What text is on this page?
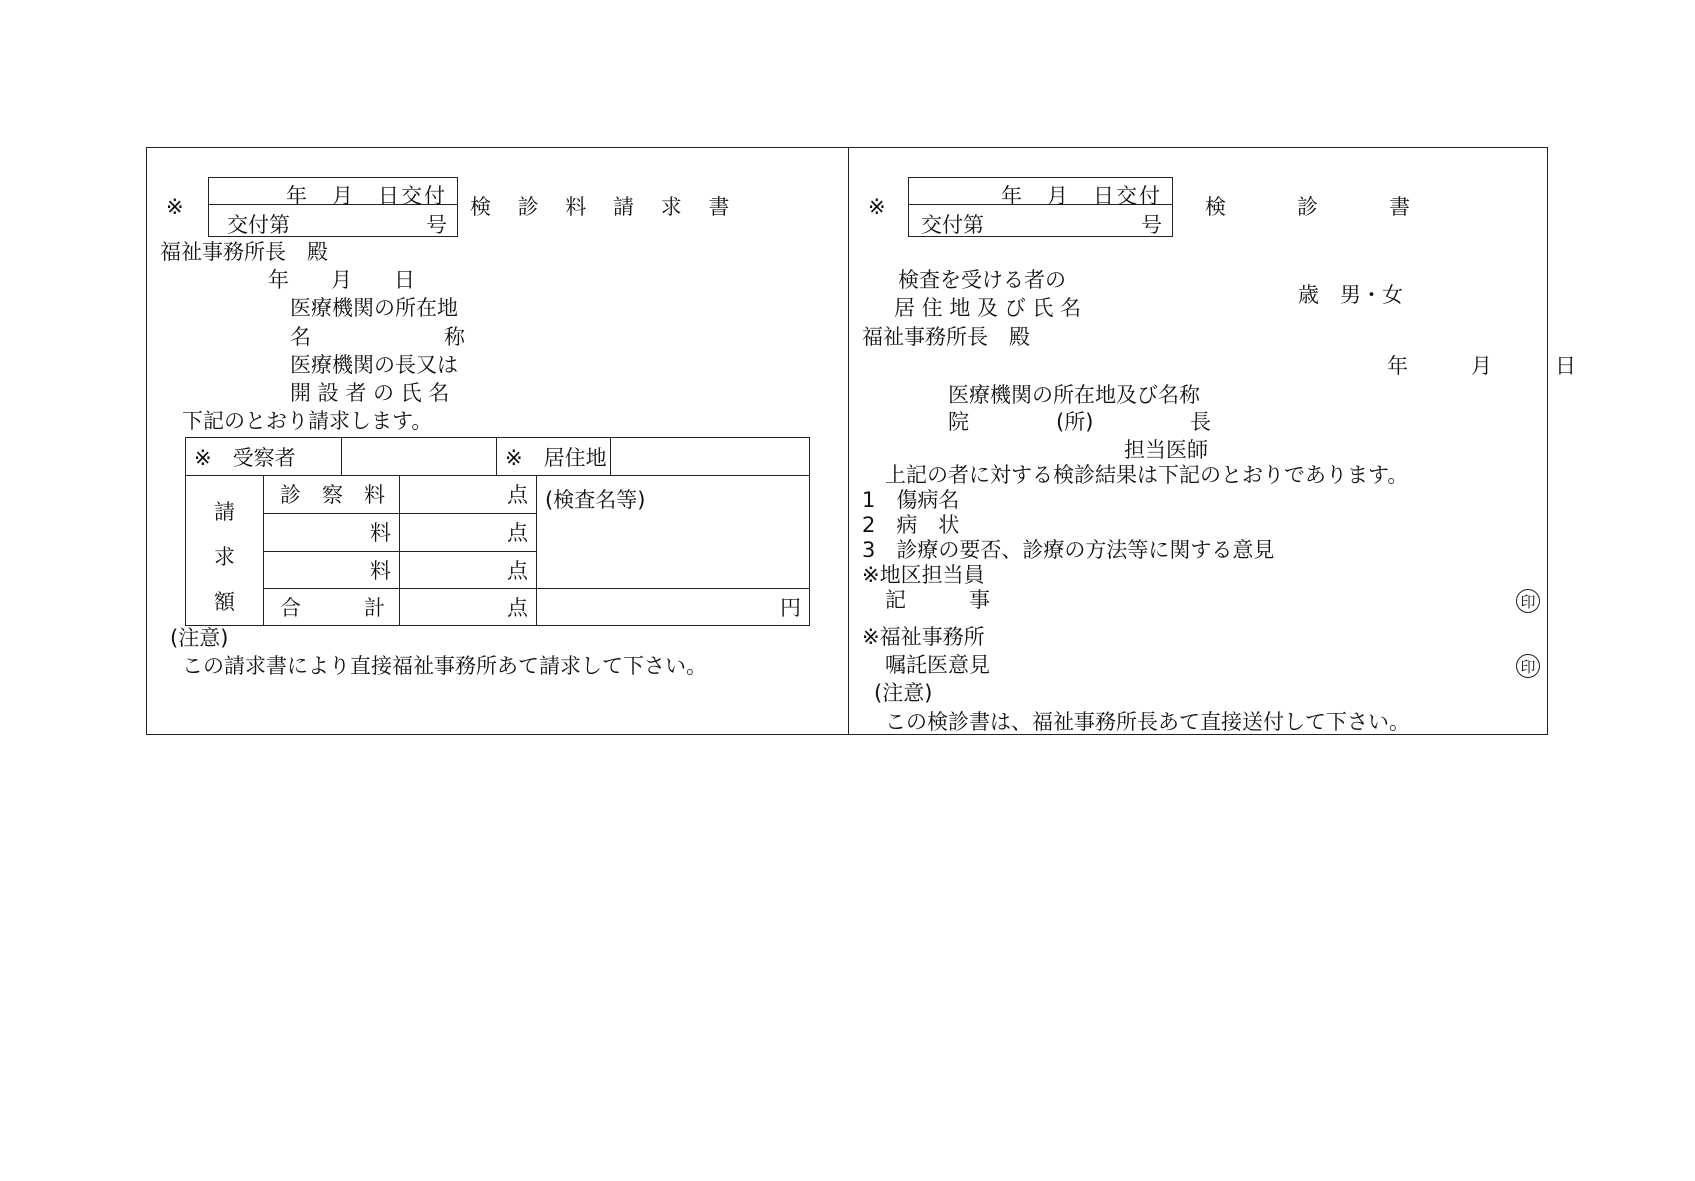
※	年　月　日交付
交付第	号
検 診 料 請 求 書
福祉事務所長　殿
年　　月　　日
医療機関の所在地
名	称
医療機関の長又は
開 設 者 の 氏 名
下記のとおり請求します。
※　受察者				※　居住地		

請
求
額	診　察　料		点		(検査名等)	
	料		点			
	料		点			
	合　　　計		点		円	
(注意)
この請求書により直接福祉事務所あて請求して下さい。
※	年　月　日交付
交付第	号
検　　　診　　　書
検査を受ける者の
居 住 地 及 び 氏 名
歳　男・女
福祉事務所長　殿
年　　　月　　　日
医療機関の所在地及び名称
院	(所)	長
担当医師
上記の者に対する検診結果は下記のとおりであります。
1　傷病名
2　病　状
3　診療の要否、診療の方法等に関する意見
※地区担当員
記　　　事	印
※福祉事務所
嘱託医意見	印
(注意)
この検診書は、福祉事務所長あて直接送付して下さい。
